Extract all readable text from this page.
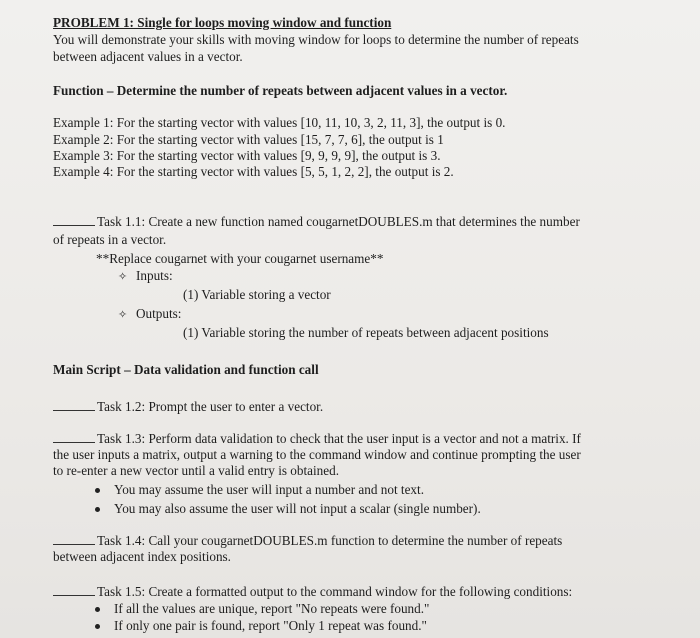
PROBLEM 1: Single for loops moving window and function
You will demonstrate your skills with moving window for loops to determine the number of repeats
between adjacent values in a vector.
Function – Determine the number of repeats between adjacent values in a vector.
Example 1: For the starting vector with values [10, 11, 10, 3, 2, 11, 3], the output is 0.
Example 2: For the starting vector with values [15, 7, 7, 6], the output is 1
Example 3: For the starting vector with values [9, 9, 9, 9], the output is 3.
Example 4: For the starting vector with values [5, 5, 1, 2, 2], the output is 2.
Task 1.1: Create a new function named cougarnetDOUBLES.m that determines the number
of repeats in a vector.
**Replace cougarnet with your cougarnet username**
✧ Inputs:
(1) Variable storing a vector
✧ Outputs:
(1) Variable storing the number of repeats between adjacent positions
Main Script – Data validation and function call
Task 1.2: Prompt the user to enter a vector.
Task 1.3: Perform data validation to check that the user input is a vector and not a matrix. If
the user inputs a matrix, output a warning to the command window and continue prompting the user
to re-enter a new vector until a valid entry is obtained.
You may assume the user will input a number and not text.
You may also assume the user will not input a scalar (single number).
Task 1.4: Call your cougarnetDOUBLES.m function to determine the number of repeats
between adjacent index positions.
Task 1.5: Create a formatted output to the command window for the following conditions:
If all the values are unique, report "No repeats were found."
If only one pair is found, report "Only 1 repeat was found."
